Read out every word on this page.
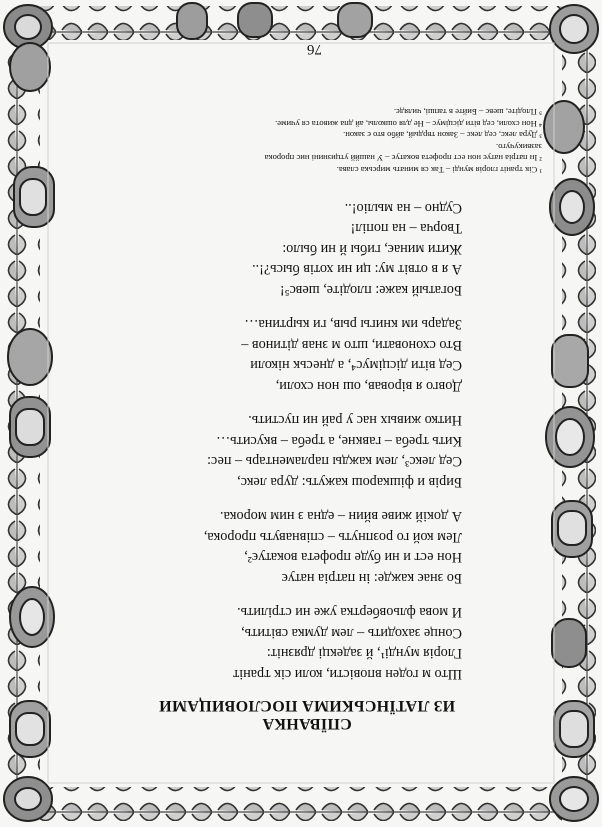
СПЇВАНКА
ИЗ ЛАТЇНСЬКИМА ПОСЛОВИЦАМИ
Што м годен вповісти, коли сік траніт
Глорія мунді¹, й задекці дрязніт:
Сонце заходить – лем думка світить,
И мова фльовбертка уже ни стрілить.
Бо знає кажде: ін патріа натує
Нон ест и ни буде профета вокатує²,
Лем кой го розпнуть – співнавуть пророка,
А докій живе вйин – една з ним морока.
Бирів и фішкарош кажуть: дура лекс,
Сед лекс³, лем кажды парламентарь – пес:
Кить треба – гавкне, а треба – вкусить…
Нитко живых нас у рай ни пустить.
Довго я віровав, ош нон схоли,
Сед віти дісцімус⁴, а днеськ ніколи
Вто схоновати, што м знав дітинов –
Задарь им книгы рыв, ги кыртина…
Богатый каже: плодіте, шевс⁵!
А я в отвіт му: ци ни хотів бысь?!..
Жити минає, гибы й ни было:
Творча – на попіл!
Судно – на мыліо!..
¹ Сік траніт глорія мунді – Так ся минать мирська слава.
² Ін патріа натує нон ест профета вокатує – У нашйй утцизнині нис пророка
зазвикучуго.
³ Дура лекс, сед лекс – Закон тврдый, айбо вто є закон.
⁴ Нон схоли, сед віти дісцімус – Не для ошколы, ай дпа живота ся учиме.
⁵ Плодіте, шевс – Бийте в тапші, чилядє.
76
